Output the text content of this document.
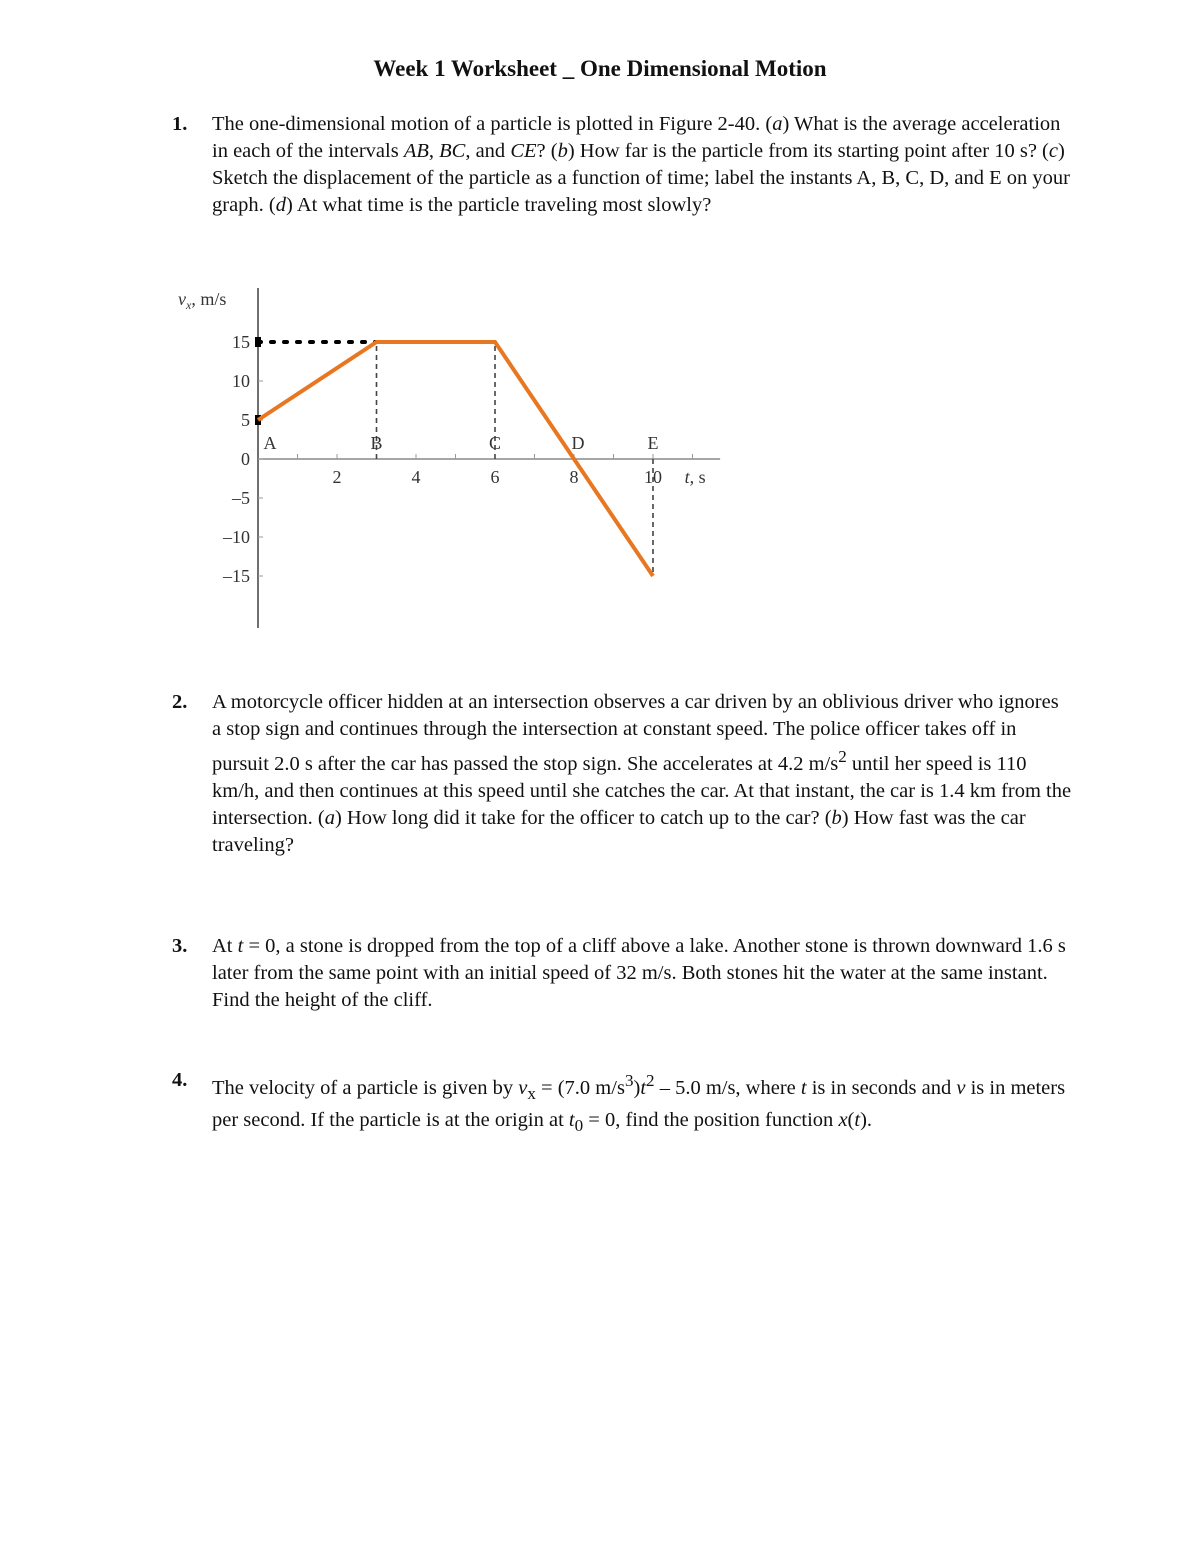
Week 1 Worksheet _ One Dimensional Motion
1. The one-dimensional motion of a particle is plotted in Figure 2-40. (a) What is the average acceleration in each of the intervals AB, BC, and CE? (b) How far is the particle from its starting point after 10 s? (c) Sketch the displacement of the particle as a function of time; label the instants A, B, C, D, and E on your graph. (d) At what time is the particle traveling most slowly?
15
10
5
0
–5
–10
–15
2	4	6	8	10
$v_x$, m/s
t, s
A	B	C	D	E
2. A motorcycle officer hidden at an intersection observes a car driven by an oblivious driver who ignores a stop sign and continues through the intersection at constant speed. The police officer takes off in pursuit 2.0 s after the car has passed the stop sign. She accelerates at 4.2 $m/s^2$ until her speed is 110 km/h, and then continues at this speed until she catches the car. At that instant, the car is 1.4 km from the intersection. (a) How long did it take for the officer to catch up to the car? (b) How fast was the car traveling?
3. At t = 0, a stone is dropped from the top of a cliff above a lake. Another stone is thrown downward 1.6 s later from the same point with an initial speed of 32 m/s. Both stones hit the water at the same instant. Find the height of the cliff.
4. The velocity of a particle is given by $v_x = (7.0$ $m/s^3)t^2 - 5.0$ m/s, where t is in seconds and v is in meters per second. If the particle is at the origin at $t_0 = 0$, find the position function x(t).
